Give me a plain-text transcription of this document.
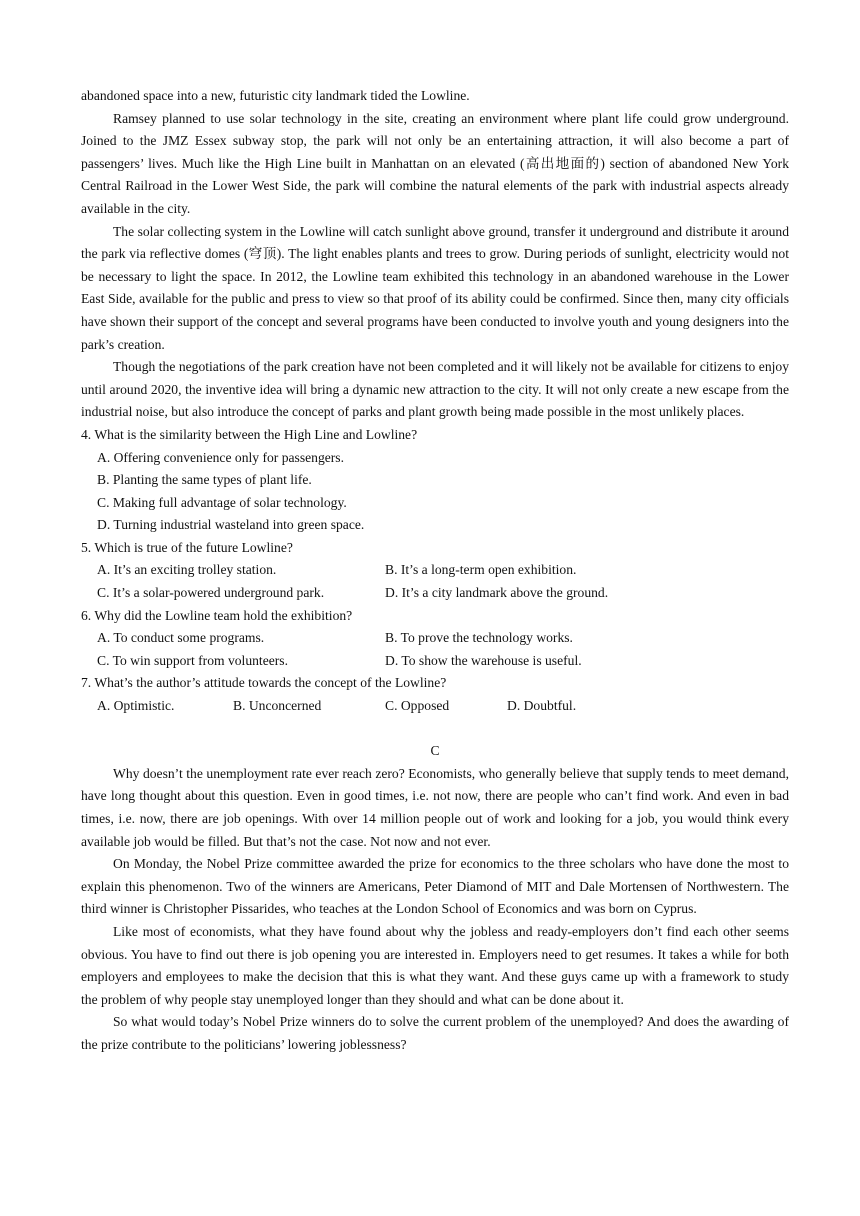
abandoned space into a new, futuristic city landmark tided the Lowline.

Ramsey planned to use solar technology in the site, creating an environment where plant life could grow underground. Joined to the JMZ Essex subway stop, the park will not only be an entertaining attraction, it will also become a part of passengers’ lives. Much like the High Line built in Manhattan on an elevated (高出地面的) section of abandoned New York Central Railroad in the Lower West Side, the park will combine the natural elements of the park with industrial aspects already available in the city.

The solar collecting system in the Lowline will catch sunlight above ground, transfer it underground and distribute it around the park via reflective domes (穹顶). The light enables plants and trees to grow. During periods of sunlight, electricity would not be necessary to light the space. In 2012, the Lowline team exhibited this technology in an abandoned warehouse in the Lower East Side, available for the public and press to view so that proof of its ability could be confirmed. Since then, many city officials have shown their support of the concept and several programs have been conducted to involve youth and young designers into the park’s creation.

Though the negotiations of the park creation have not been completed and it will likely not be available for citizens to enjoy until around 2020, the inventive idea will bring a dynamic new attraction to the city. It will not only create a new escape from the industrial noise, but also introduce the concept of parks and plant growth being made possible in the most unlikely places.

4. What is the similarity between the High Line and Lowline?

A. Offering convenience only for passengers.

B. Planting the same types of plant life.

C. Making full advantage of solar technology.

D. Turning industrial wasteland into green space.

5. Which is true of the future Lowline?

A. It’s an exciting trolley station.	B. It’s a long-term open exhibition.

C. It’s a solar-powered underground park.	D. It’s a city landmark above the ground.

6. Why did the Lowline team hold the exhibition?

A. To conduct some programs.	B. To prove the technology works.

C. To win support from volunteers.	D. To show the warehouse is useful.

7. What’s the author’s attitude towards the concept of the Lowline?

A. Optimistic.	B. Unconcerned	C. Opposed	D. Doubtful.

C

Why doesn’t the unemployment rate ever reach zero? Economists, who generally believe that supply tends to meet demand, have long thought about this question. Even in good times, i.e. not now, there are people who can’t find work. And even in bad times, i.e. now, there are job openings. With over 14 million people out of work and looking for a job, you would think every available job would be filled. But that’s not the case. Not now and not ever.

On Monday, the Nobel Prize committee awarded the prize for economics to the three scholars who have done the most to explain this phenomenon. Two of the winners are Americans, Peter Diamond of MIT and Dale Mortensen of Northwestern. The third winner is Christopher Pissarides, who teaches at the London School of Economics and was born on Cyprus.

Like most of economists, what they have found about why the jobless and ready-employers don’t find each other seems obvious. You have to find out there is job opening you are interested in. Employers need to get resumes. It takes a while for both employers and employees to make the decision that this is what they want. And these guys came up with a framework to study the problem of why people stay unemployed longer than they should and what can be done about it.

So what would today’s Nobel Prize winners do to solve the current problem of the unemployed? And does the awarding of the prize contribute to the politicians’ lowering joblessness?
